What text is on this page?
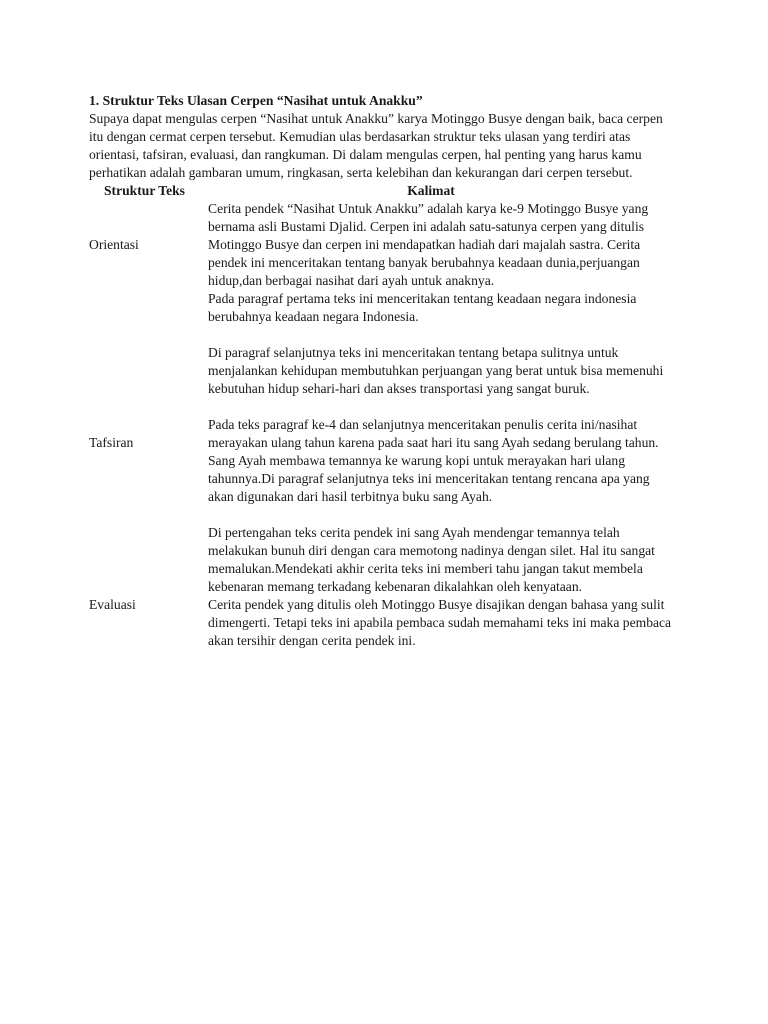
1. Struktur Teks Ulasan Cerpen “Nasihat untuk Anakku”

Supaya dapat mengulas cerpen “Nasihat untuk Anakku” karya Motinggo Busye dengan baik, baca cerpen itu dengan cermat cerpen tersebut. Kemudian ulas berdasarkan struktur teks ulasan yang terdiri atas orientasi, tafsiran, evaluasi, dan rangkuman. Di dalam mengulas cerpen, hal penting yang harus kamu perhatikan adalah gambaran umum, ringkasan, serta kelebihan dan kekurangan dari cerpen tersebut.

Struktur Teks	Kalimat
Orientasi

Cerita pendek “Nasihat Untuk Anakku” adalah karya ke-9 Motinggo Busye yang bernama asli Bustami Djalid. Cerpen ini adalah satu-satunya cerpen yang ditulis Motinggo Busye dan cerpen ini mendapatkan hadiah dari majalah sastra. Cerita pendek ini menceritakan tentang banyak berubahnya keadaan dunia,perjuangan hidup,dan berbagai nasihat dari ayah untuk anaknya.

Tafsiran

Pada paragraf pertama teks ini menceritakan tentang keadaan negara indonesia berubahnya keadaan negara Indonesia.

Di paragraf selanjutnya teks ini menceritakan tentang betapa sulitnya untuk menjalankan kehidupan membutuhkan perjuangan yang berat untuk bisa memenuhi kebutuhan hidup sehari-hari dan akses transportasi yang sangat buruk.

Pada teks paragraf ke-4 dan selanjutnya menceritakan penulis cerita ini/nasihat merayakan ulang tahun karena pada saat hari itu sang Ayah sedang berulang tahun. Sang Ayah membawa temannya ke warung kopi untuk merayakan hari ulang tahunnya.Di paragraf selanjutnya teks ini menceritakan tentang rencana apa yang akan digunakan dari hasil terbitnya buku sang Ayah.

Di pertengahan teks cerita pendek ini sang Ayah mendengar temannya telah melakukan bunuh diri dengan cara memotong nadinya dengan silet. Hal itu sangat memalukan.Mendekati akhir cerita teks ini memberi tahu jangan takut membela kebenaran memang terkadang kebenaran dikalahkan oleh kenyataan.

Evaluasi	Cerita pendek yang ditulis oleh Motinggo Busye disajikan dengan bahasa yang sulit dimengerti. Tetapi teks ini apabila pembaca sudah memahami teks ini maka pembaca akan tersihir dengan cerita pendek ini.
